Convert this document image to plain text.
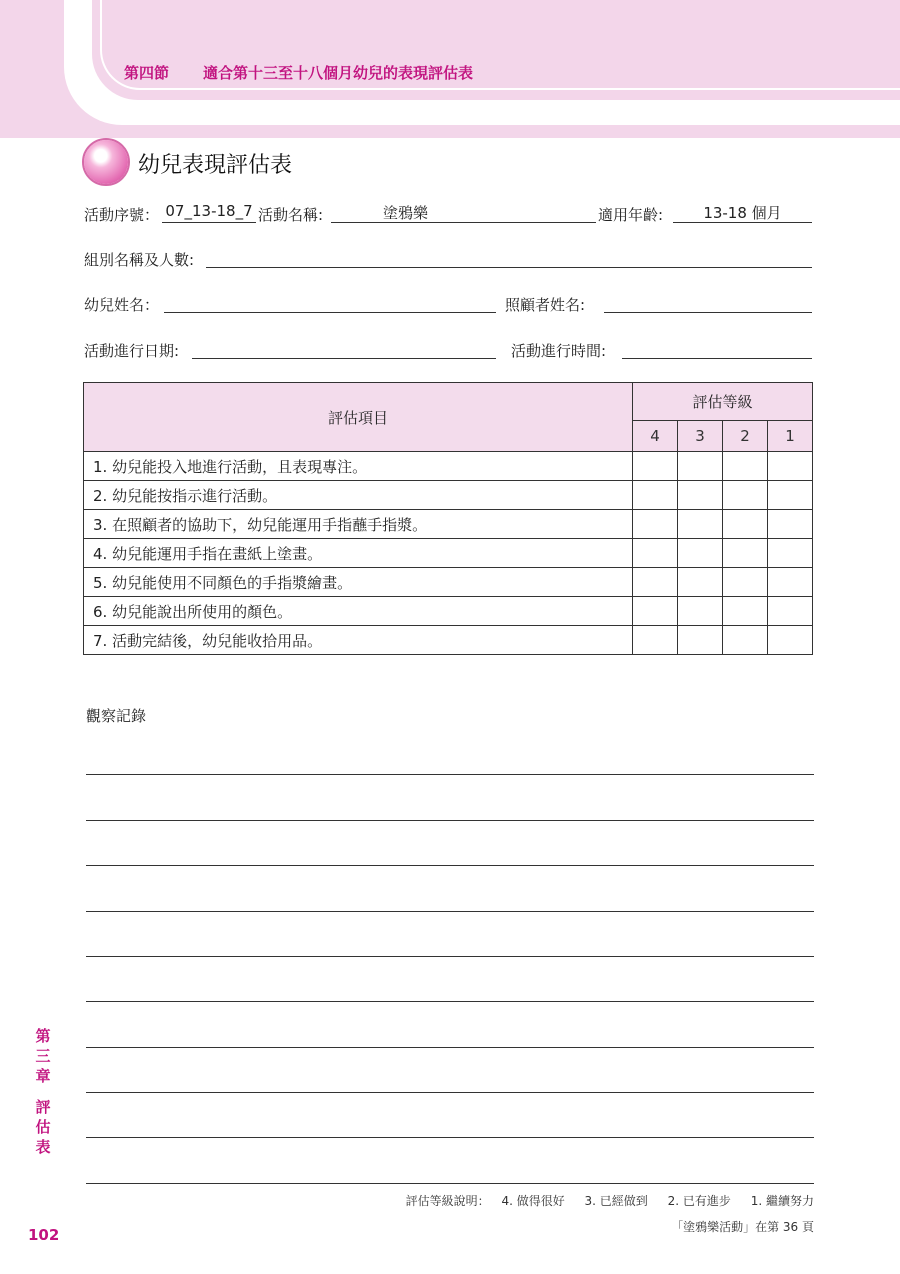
第四節 適合第十三至十八個月幼兒的表現評估表
幼兒表現評估表
活動序號： 07_13-18_7 活動名稱:	塗鴉樂	適用年齡:	13-18 個月
組別名稱及人數:
幼兒姓名：	照顧者姓名:
活動進行日期:	活動進行時間:
評估項目	評估等級			
	4	3	2	1
1. 幼兒能投入地進行活動，且表現專注。				
2. 幼兒能按指示進行活動。				
3. 在照顧者的協助下，幼兒能運用手指蘸手指漿。				
4. 幼兒能運用手指在畫紙上塗畫。				
5. 幼兒能使用不同顏色的手指漿繪畫。				
6. 幼兒能說出所使用的顏色。				
7. 活動完結後，幼兒能收拾用品。				
觀察記錄
評估等級說明： 4. 做得很好 3. 已經做到 2. 已有進步 1. 繼續努力
「塗鴉樂活動」在第 36 頁
第三章
評估表
102
